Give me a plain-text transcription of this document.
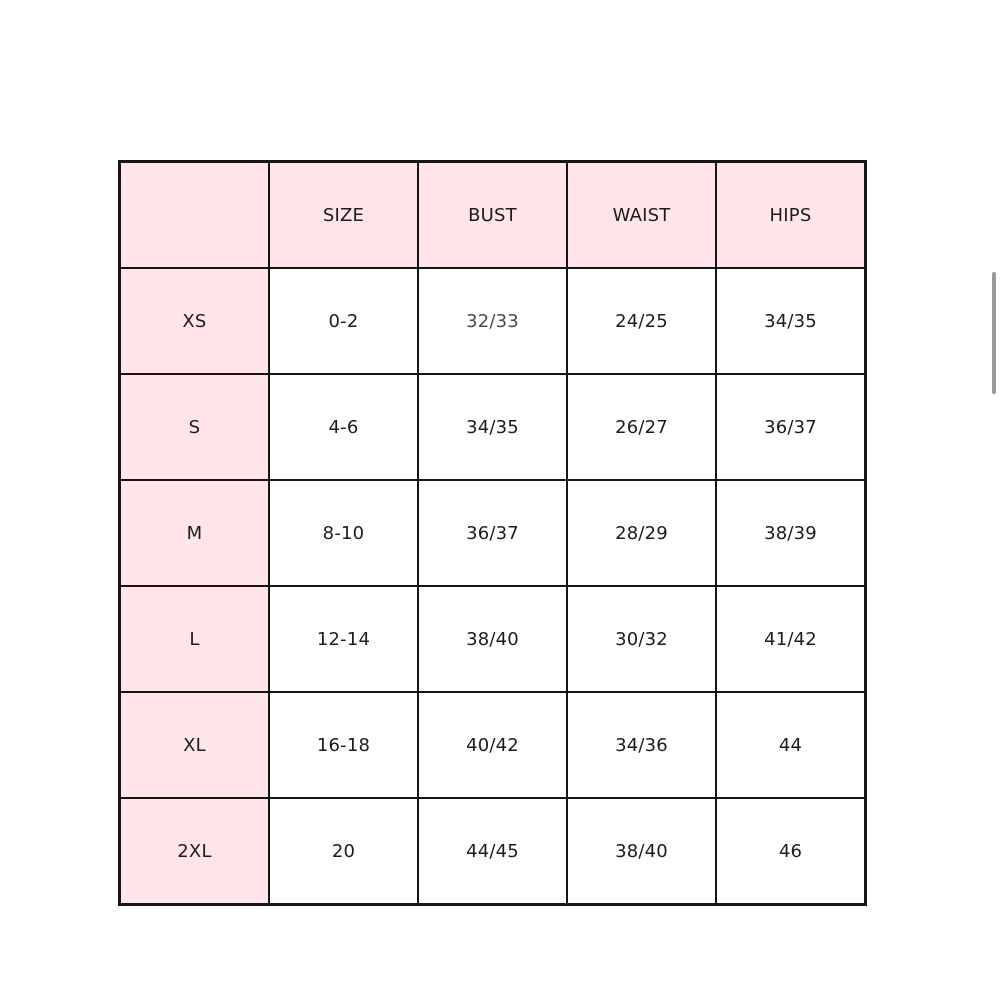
	SIZE	BUST	WAIST	HIPS
XS	0-2	32/33	24/25	34/35
S	4-6	34/35	26/27	36/37
M	8-10	36/37	28/29	38/39
L	12-14	38/40	30/32	41/42
XL	16-18	40/42	34/36	44
2XL	20	44/45	38/40	46
